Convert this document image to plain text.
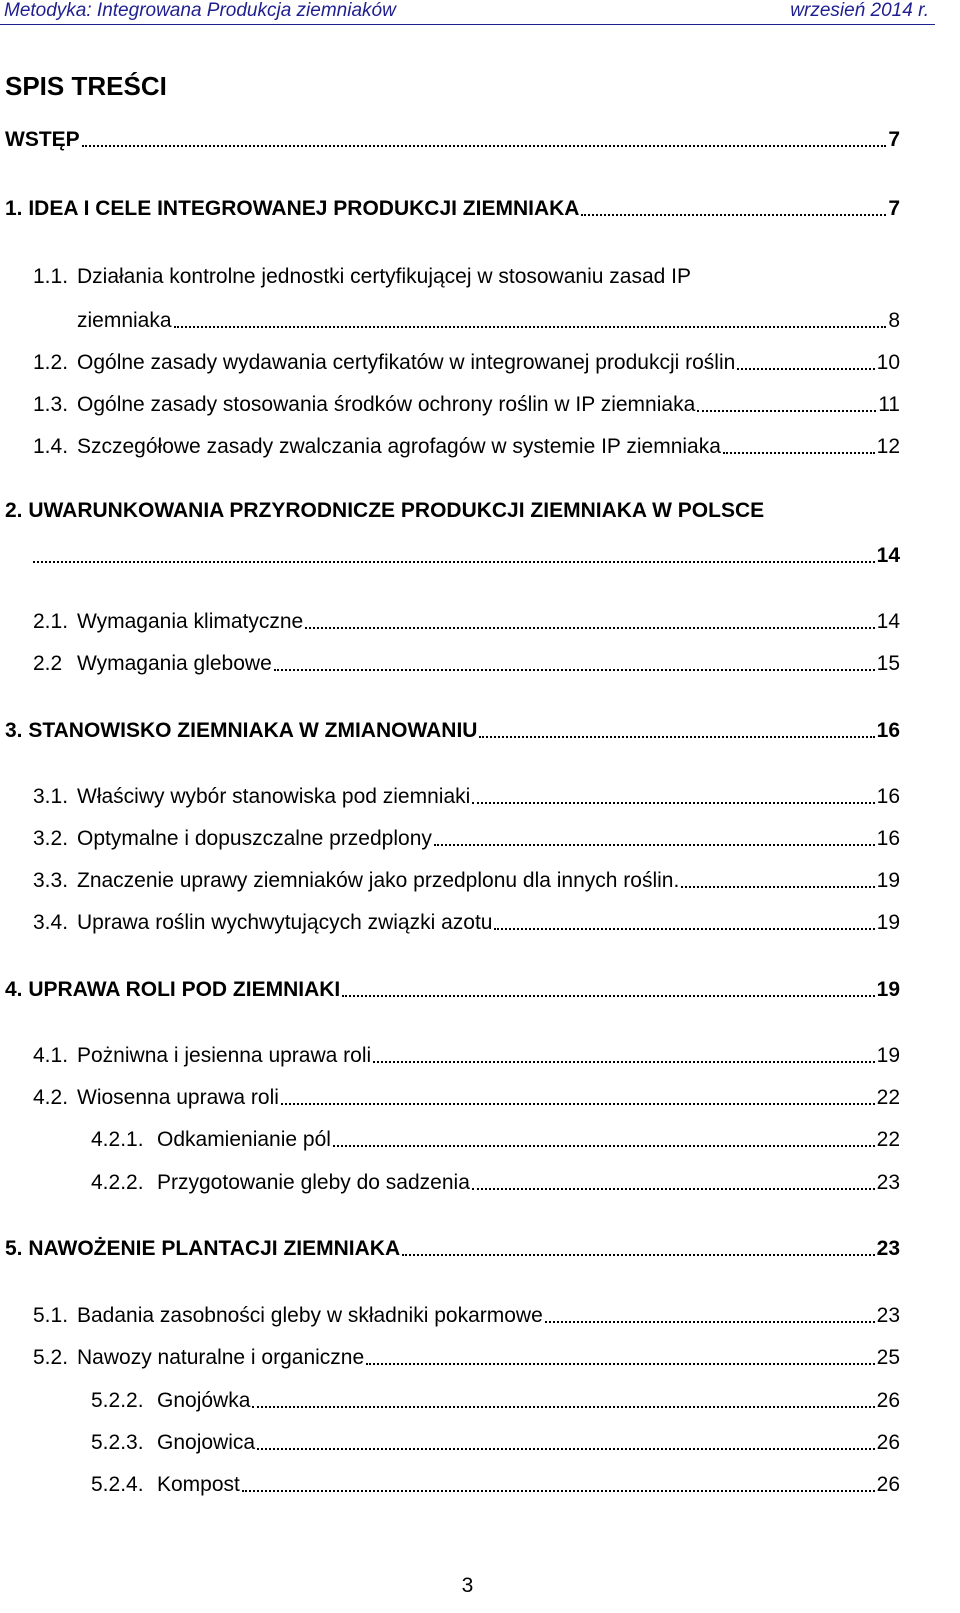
Metodyka: Integrowana Produkcja ziemniaków	wrzesień 2014 r.
SPIS TREŚCI
WSTĘP	7
1. IDEA I CELE INTEGROWANEJ PRODUKCJI ZIEMNIAKA	7
1.1. Działania kontrolne jednostki certyfikującej w stosowaniu zasad IP
ziemniaka	8
1.2. Ogólne zasady wydawania certyfikatów w integrowanej produkcji roślin	10
1.3. Ogólne zasady stosowania środków ochrony roślin w IP ziemniaka	11
1.4. Szczegółowe zasady zwalczania agrofagów w systemie IP ziemniaka	12
2. UWARUNKOWANIA PRZYRODNICZE PRODUKCJI ZIEMNIAKA W POLSCE
14
2.1. Wymagania klimatyczne	14
2.2 Wymagania glebowe	15
3. STANOWISKO ZIEMNIAKA W ZMIANOWANIU	16
3.1. Właściwy wybór stanowiska pod ziemniaki	16
3.2. Optymalne i dopuszczalne przedplony	16
3.3. Znaczenie uprawy ziemniaków jako przedplonu dla innych roślin.	19
3.4. Uprawa roślin wychwytujących związki azotu	19
4. UPRAWA ROLI POD ZIEMNIAKI	19
4.1. Pożniwna i jesienna uprawa roli	19
4.2. Wiosenna uprawa roli	22
4.2.1. Odkamienianie pól	22
4.2.2. Przygotowanie gleby do sadzenia	23
5. NAWOŻENIE PLANTACJI ZIEMNIAKA	23
5.1. Badania zasobności gleby w składniki pokarmowe	23
5.2. Nawozy naturalne i organiczne	25
5.2.2. Gnojówka	26
5.2.3. Gnojowica	26
5.2.4. Kompost	26
3
